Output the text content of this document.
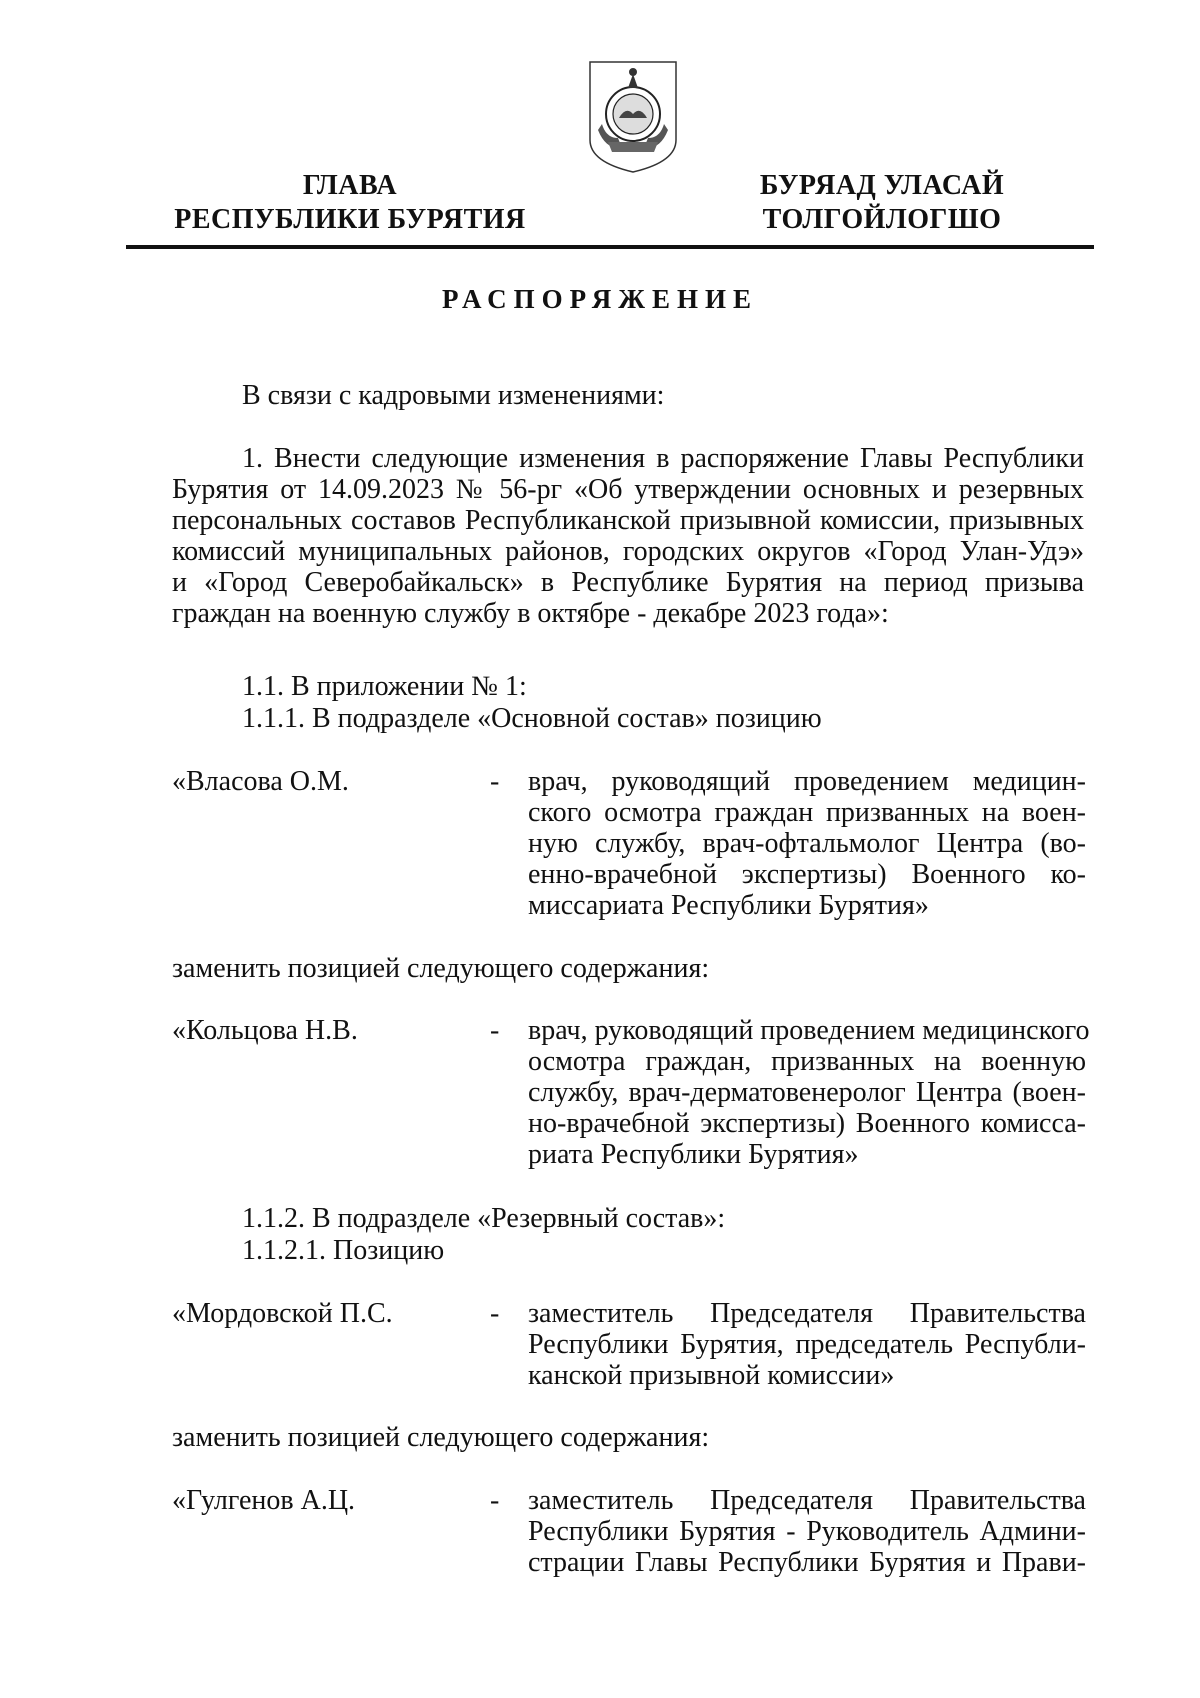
ГЛАВА
РЕСПУБЛИКИ БУРЯТИЯ
БУРЯАД УЛАСАЙ
ТОЛГОЙЛОГШО
РАСПОРЯЖЕНИЕ
В связи с кадровыми изменениями:
1. Внести следующие изменения в распоряжение Главы Республики
Бурятия от 14.09.2023 № 56-рг «Об утверждении основных и резервных
персональных составов Республиканской призывной комиссии, призывных
комиссий муниципальных районов, городских округов «Город Улан-Удэ»
и «Город Северобайкальск» в Республике Бурятия на период призыва
граждан на военную службу в октябре - декабре 2023 года»:
1.1. В приложении № 1:
1.1.1. В подразделе «Основной состав» позицию
«Власова О.М.	- врач, руководящий проведением медицин-
ского осмотра граждан призванных на воен-
ную службу, врач-офтальмолог Центра (во-
енно-врачебной экспертизы) Военного ко-
миссариата Республики Бурятия»
заменить позицией следующего содержания:
«Кольцова Н.В.	- врач, руководящий проведением медицинского
осмотра граждан, призванных на военную
службу, врач-дерматовенеролог Центра (воен-
но-врачебной экспертизы) Военного комисса-
риата Республики Бурятия»
1.1.2. В подразделе «Резервный состав»:
1.1.2.1. Позицию
«Мордовской П.С.	- заместитель Председателя Правительства
Республики Бурятия, председатель Республи-
канской призывной комиссии»
заменить позицией следующего содержания:
«Гулгенов А.Ц.	- заместитель Председателя Правительства
Республики Бурятия - Руководитель Админи-
страции Главы Республики Бурятия и Прави-
